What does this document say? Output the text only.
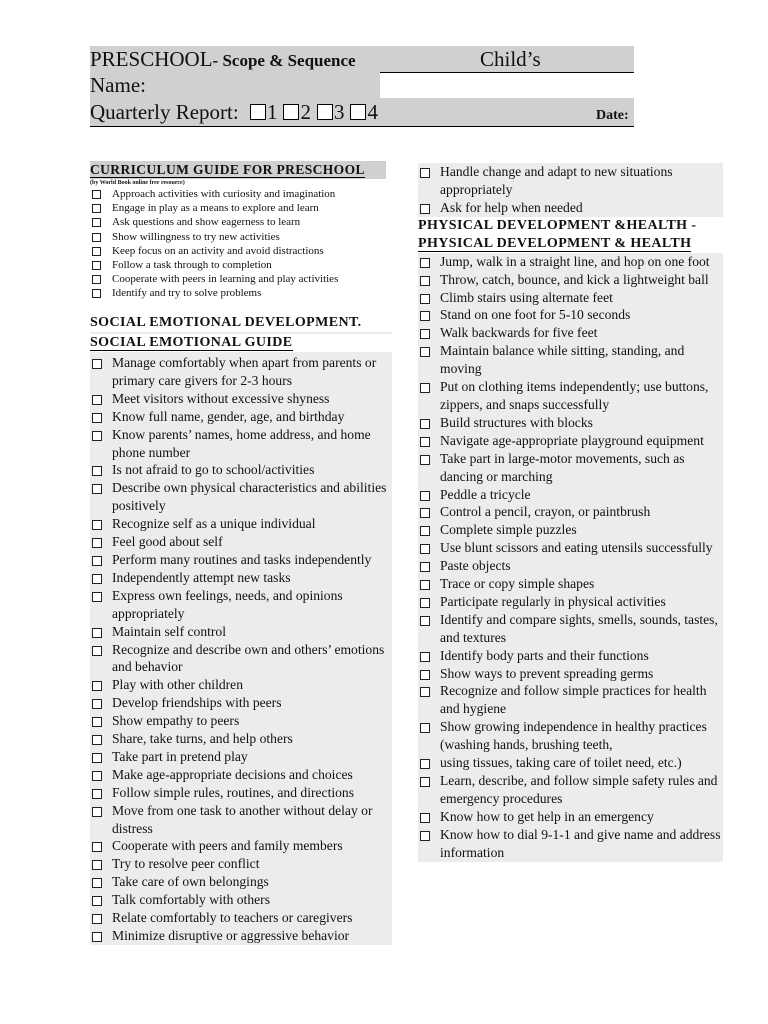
PRESCHOOL- Scope & Sequence	Child’s
Name:
Quarterly Report: 1 2 3 4	Date:
CURRICULUM GUIDE FOR PRESCHOOL
(by World Book online free resource)
Approach activities with curiosity and imagination
Engage in play as a means to explore and learn
Ask questions and show eagerness to learn
Show willingness to try new activities
Keep focus on an activity and avoid distractions
Follow a task through to completion
Cooperate with peers in learning and play activities
Identify and try to solve problems
SOCIAL EMOTIONAL DEVELOPMENT.
SOCIAL EMOTIONAL GUIDE
Manage comfortably when apart from parents or primary care givers for 2-3 hours
Meet visitors without excessive shyness
Know full name, gender, age, and birthday
Know parents’ names, home address, and home phone number
Is not afraid to go to school/activities
Describe own physical characteristics and abilities positively
Recognize self as a unique individual
Feel good about self
Perform many routines and tasks independently
Independently attempt new tasks
Express own feelings, needs, and opinions appropriately
Maintain self control
Recognize and describe own and others’ emotions and behavior
Play with other children
Develop friendships with peers
Show empathy to peers
Share, take turns, and help others
Take part in pretend play
Make age-appropriate decisions and choices
Follow simple rules, routines, and directions
Move from one task to another without delay or distress
Cooperate with peers and family members
Try to resolve peer conflict
Take care of own belongings
Talk comfortably with others
Relate comfortably to teachers or caregivers
Minimize disruptive or aggressive behavior
Handle change and adapt to new situations appropriately
Ask for help when needed
PHYSICAL DEVELOPMENT &HEALTH -
PHYSICAL DEVELOPMENT & HEALTH
Jump, walk in a straight line, and hop on one foot
Throw, catch, bounce, and kick a lightweight ball
Climb stairs using alternate feet
Stand on one foot for 5-10 seconds
Walk backwards for five feet
Maintain balance while sitting, standing, and moving
Put on clothing items independently; use buttons, zippers, and snaps successfully
Build structures with blocks
Navigate age-appropriate playground equipment
Take part in large-motor movements, such as dancing or marching
Peddle a tricycle
Control a pencil, crayon, or paintbrush
Complete simple puzzles
Use blunt scissors and eating utensils successfully
Paste objects
Trace or copy simple shapes
Participate regularly in physical activities
Identify and compare sights, smells, sounds, tastes, and textures
Identify body parts and their functions
Show ways to prevent spreading germs
Recognize and follow simple practices for health and hygiene
Show growing independence in healthy practices (washing hands, brushing teeth,
using tissues, taking care of toilet need, etc.)
Learn, describe, and follow simple safety rules and emergency procedures
Know how to get help in an emergency
Know how to dial 9-1-1 and give name and address information
